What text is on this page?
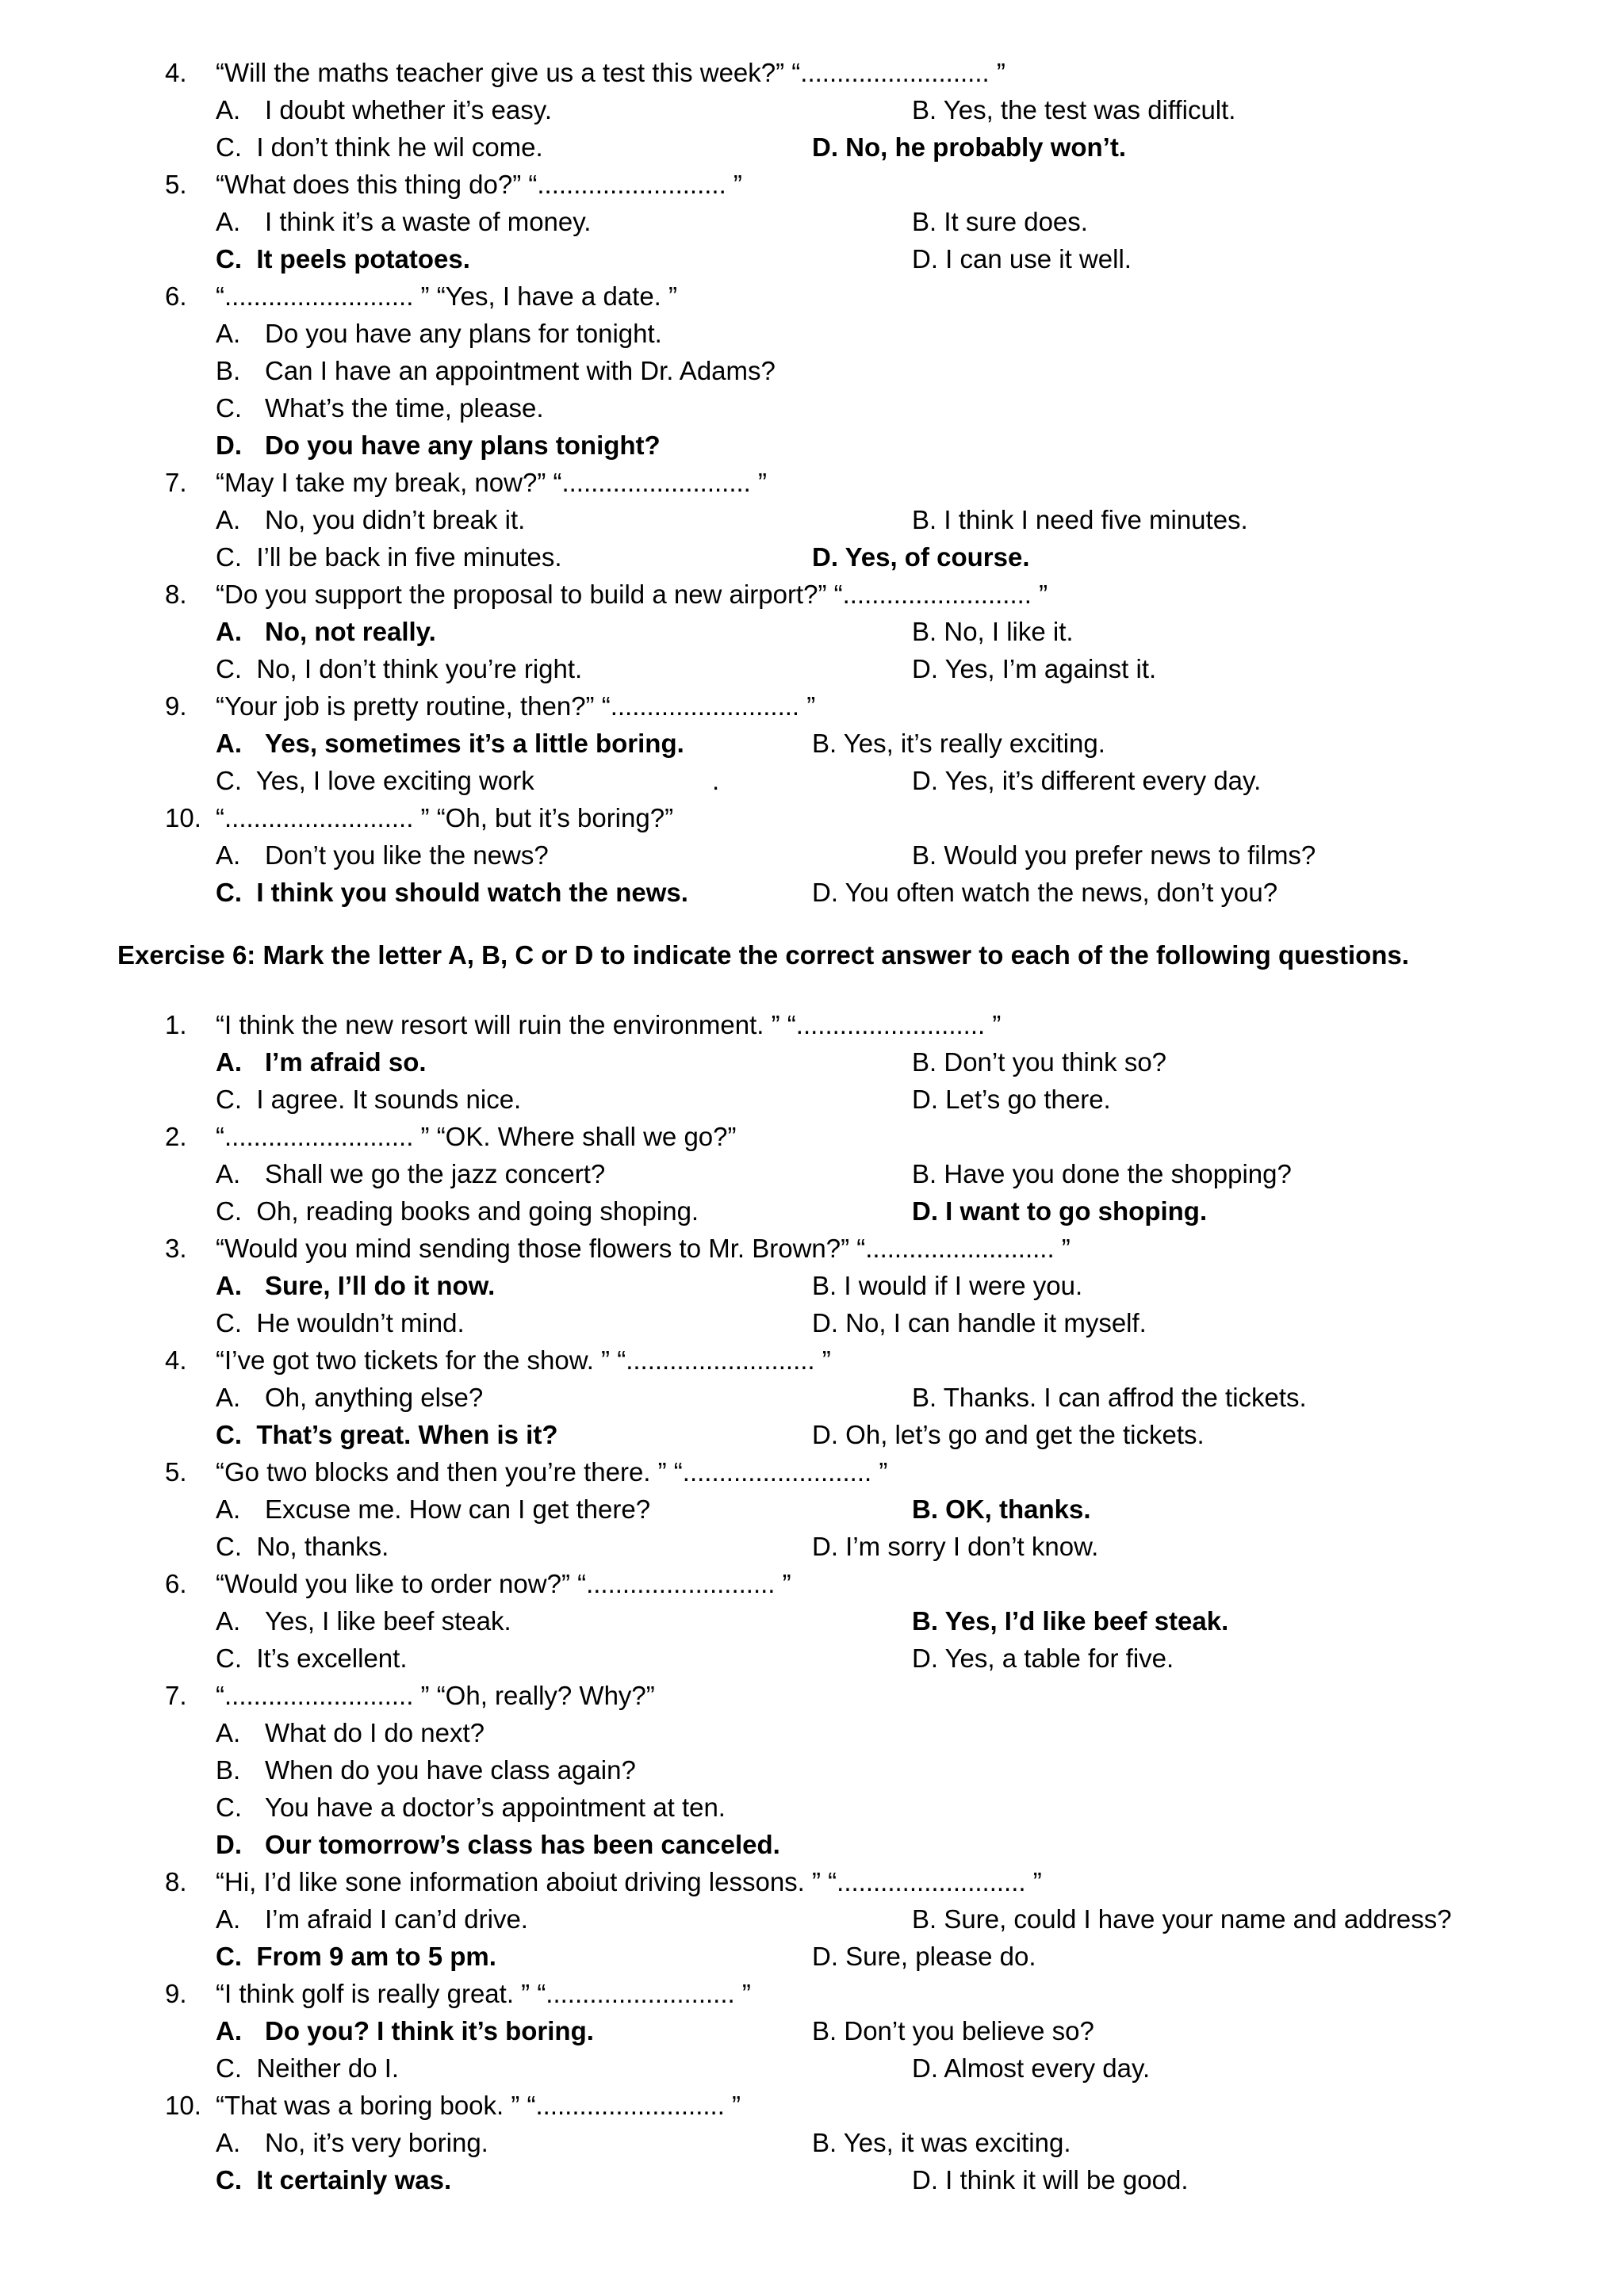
4. “Will the maths teacher give us a test this week?” “.......................... ”
A. I doubt whether it’s easy.	B. Yes, the test was difficult.
C. I don’t think he wil come.	D. No, he probably won’t.
5. “What does this thing do?” “.......................... ”
A. I think it’s a waste of money.	B. It sure does.
C. It peels potatoes.	D. I can use it well.
6. “.......................... ” “Yes, I have a date. ”
A. Do you have any plans for tonight.
B. Can I have an appointment with Dr. Adams?
C. What’s the time, please.
D. Do you have any plans tonight?
7. “May I take my break, now?” “.......................... ”
A. No, you didn’t break it.	B. I think I need five minutes.
C. I’ll be back in five minutes.	D. Yes, of course.
8. “Do you support the proposal to build a new airport?” “.......................... ”
A. No, not really.	B. No, I like it.
C. No, I don’t think you’re right.	D. Yes, I’m against it.
9. “Your job is pretty routine, then?” “.......................... ”
A. Yes, sometimes it’s a little boring.	B. Yes, it’s really exciting.
C. Yes, I love exciting work	.	D. Yes, it’s different every day.
10. “.......................... ” “Oh, but it’s boring?”
A. Don’t you like the news?	B. Would you prefer news to films?
C. I think you should watch the news.	D. You often watch the news, don’t you?
Exercise 6: Mark the letter A, B, C or D to indicate the correct answer to each of the following questions.
1. “I think the new resort will ruin the environment. ” “.......................... ”
A. I’m afraid so.	B. Don’t you think so?
C. I agree. It sounds nice.	D. Let’s go there.
2. “.......................... ” “OK. Where shall we go?”
A. Shall we go the jazz concert?	B. Have you done the shopping?
C. Oh, reading books and going shoping.	D. I want to go shoping.
3. “Would you mind sending those flowers to Mr. Brown?” “.......................... ”
A. Sure, I’ll do it now.	B. I would if I were you.
C. He wouldn’t mind.	D. No, I can handle it myself.
4. “I’ve got two tickets for the show. ” “.......................... ”
A. Oh, anything else?	B. Thanks. I can affrod the tickets.
C. That’s great. When is it?	D. Oh, let’s go and get the tickets.
5. “Go two blocks and then you’re there. ” “.......................... ”
A. Excuse me. How can I get there?	B. OK, thanks.
C. No, thanks.	D. I’m sorry I don’t know.
6. “Would you like to order now?” “.......................... ”
A. Yes, I like beef steak.	B. Yes, I’d like beef steak.
C. It’s excellent.	D. Yes, a table for five.
7. “.......................... ” “Oh, really? Why?”
A. What do I do next?
B. When do you have class again?
C. You have a doctor’s appointment at ten.
D. Our tomorrow’s class has been canceled.
8. “Hi, I’d like sone information aboiut driving lessons. ” “.......................... ”
A. I’m afraid I can’d drive.	B. Sure, could I have your name and address?
C. From 9 am to 5 pm.	D. Sure, please do.
9. “I think golf is really great. ” “.......................... ”
A. Do you? I think it’s boring.	B. Don’t you believe so?
C. Neither do I.	D. Almost every day.
10. “That was a boring book. ” “.......................... ”
A. No, it’s very boring.	B. Yes, it was exciting.
C. It certainly was.	D. I think it will be good.
